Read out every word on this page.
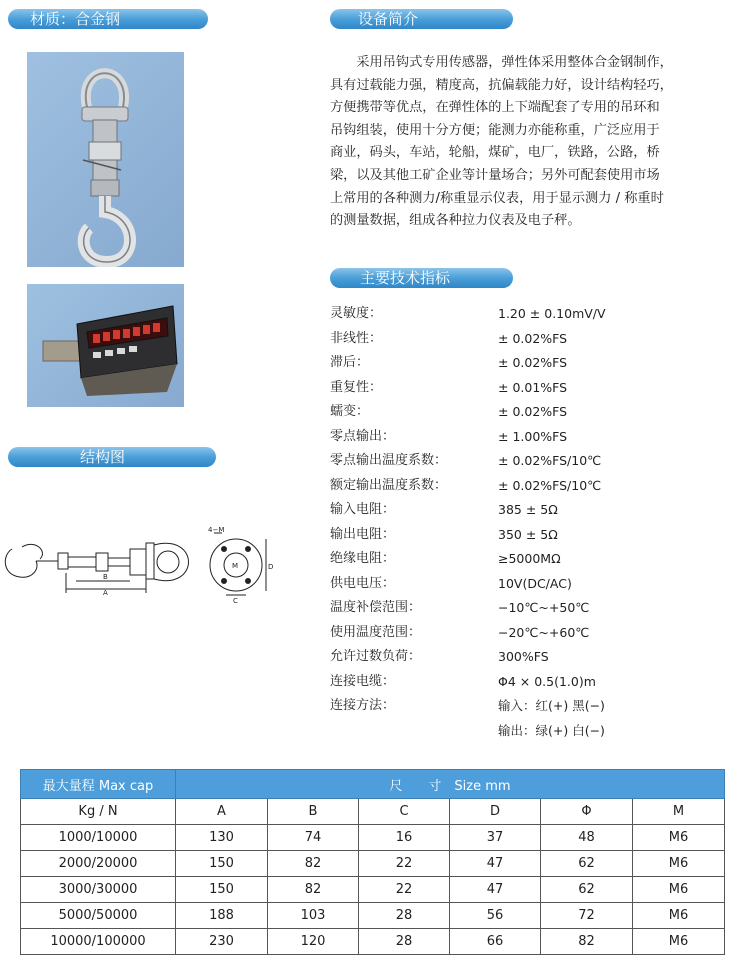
材质：合金钢	设备简介
主要技术指标
结构图
B
A
4−M
M	D
C
　　采用吊钩式专用传感器，弹性体采用整体合金钢制作，
具有过载能力强，精度高，抗偏载能力好，设计结构轻巧，
方便携带等优点，在弹性体的上下端配套了专用的吊环和
吊钩组装，使用十分方便；能测力亦能称重，广泛应用于
商业，码头，车站，轮船，煤矿，电厂，铁路，公路，桥
梁，以及其他工矿企业等计量场合；另外可配套使用市场
上常用的各种测力/称重显示仪表，用于显示测力 / 称重时
的测量数据，组成各种拉力仪表及电子秤。
灵敏度：	1.20 ± 0.10mV/V
非线性：	± 0.02%FS
滞后：	± 0.02%FS
重复性：	± 0.01%FS
蠕变：	± 0.02%FS
零点输出：	± 1.00%FS
零点输出温度系数：	± 0.02%FS/10℃
额定输出温度系数：	± 0.02%FS/10℃
输入电阻：	385 ± 5Ω
输出电阻：	350 ± 5Ω
绝缘电阻：	≥5000MΩ
供电电压：	10V(DC/AC)
温度补偿范围：	−10℃~+50℃
使用温度范围：	−20℃~+60℃
允许过数负荷：	300%FS
连接电缆：	Φ4 × 0.5(1.0)m
连接方法：	输入：红(+) 黑(−)
输出：绿(+) 白(−)
最大量程 Max cap	尺　　寸　Size mm					
Kg / N	A	B	C	D	Φ	M
1000/10000	130	74	16	37	48	M6
2000/20000	150	82	22	47	62	M6
3000/30000	150	82	22	47	62	M6
5000/50000	188	103	28	56	72	M6
10000/100000	230	120	28	66	82	M6
